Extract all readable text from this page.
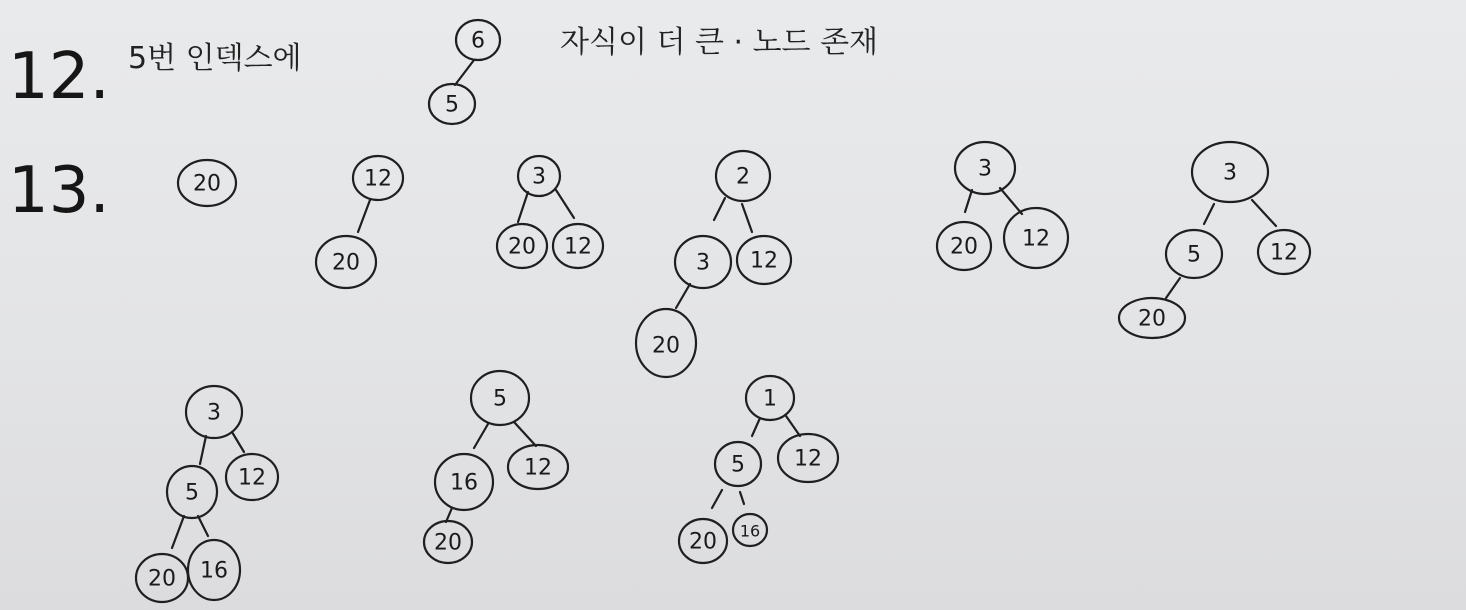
12. 5번 인덱스에	6
5
자식이 더 큰 · 노드 존재
13.	20	12
20
3
20 12
2
3 12
20
3
20 12
3
5	12
20
3
5
12
20 16
5
16
12
20
1
5 12
20 16
